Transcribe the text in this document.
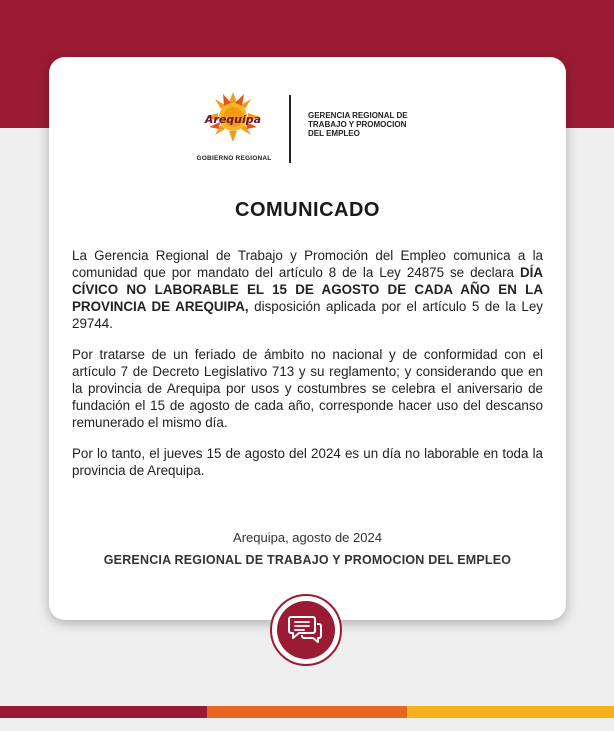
Arequipa
GOBIERNO REGIONAL
GERENCIA REGIONAL DE
TRABAJO Y PROMOCION
DEL EMPLEO
COMUNICADO

La Gerencia Regional de Trabajo y Promoción del Empleo comunica a la comunidad que por mandato del artículo 8 de la Ley 24875 se declara DÍA CÍVICO NO LABORABLE EL 15 DE AGOSTO DE CADA AÑO EN LA PROVINCIA DE AREQUIPA, disposición aplicada por el artículo 5 de la Ley 29744.

Por tratarse de un feriado de ámbito no nacional y de conformidad con el artículo 7 de Decreto Legislativo 713 y su reglamento; y considerando que en la provincia de Arequipa por usos y costumbres se celebra el aniversario de fundación el 15 de agosto de cada año, corresponde hacer uso del descanso remunerado el mismo día.

Por lo tanto, el jueves 15 de agosto del 2024 es un día no laborable en toda la provincia de Arequipa.

Arequipa, agosto de 2024
GERENCIA REGIONAL DE TRABAJO Y PROMOCION DEL EMPLEO
